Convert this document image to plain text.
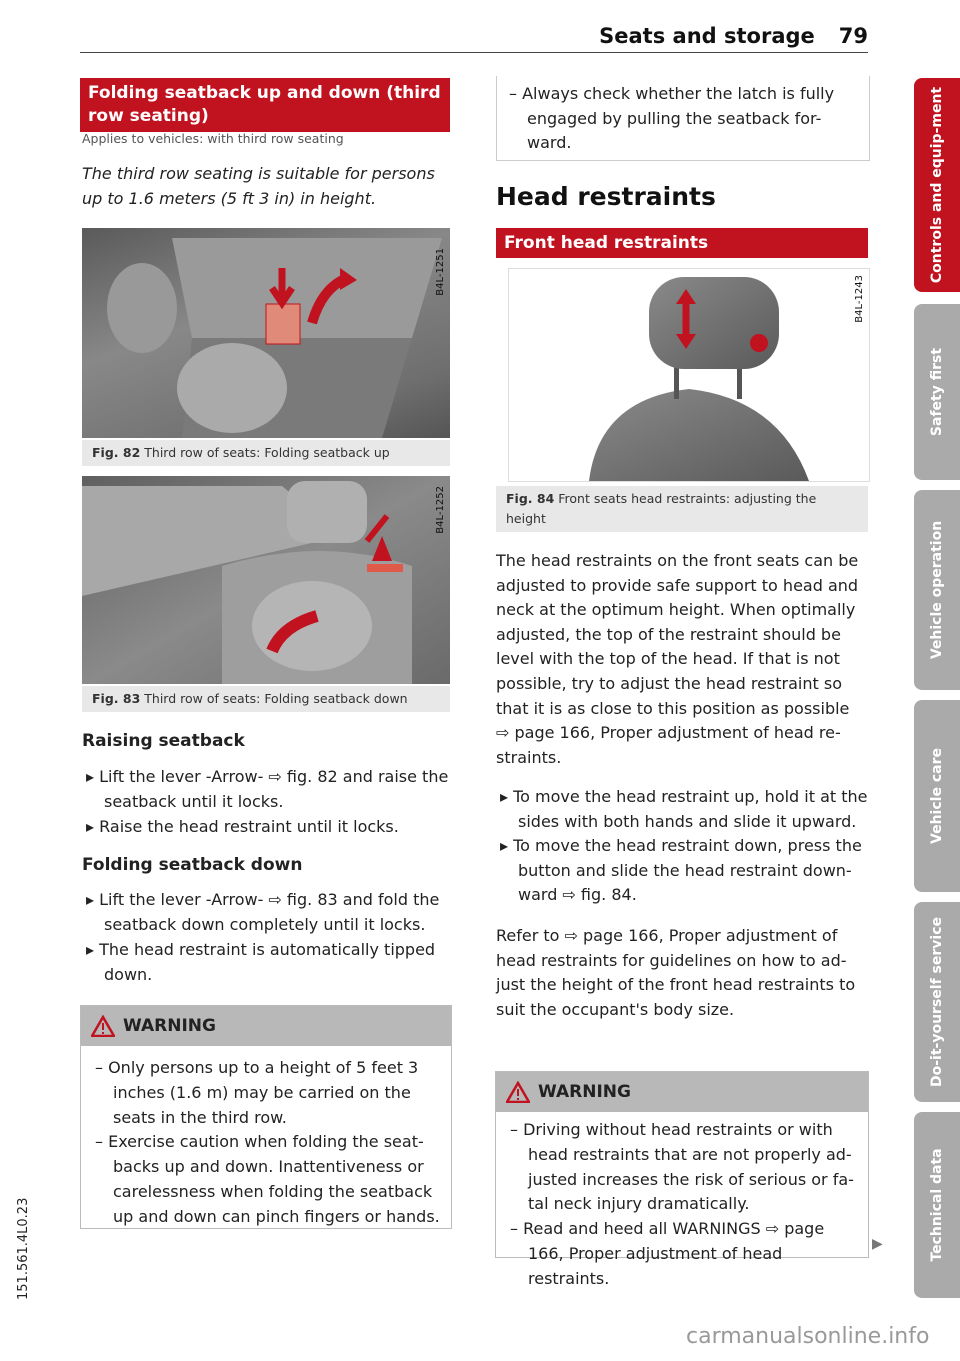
Seats and storage 79
Folding seatback up and down (third row seating)
Applies to vehicles: with third row seating
The third row seating is suitable for persons up to 1.6 meters (5 ft 3 in) in height.
B4L-1251
Fig. 82 Third row of seats: Folding seatback up
B4L-1252
Fig. 83 Third row of seats: Folding seatback down
Raising seatback
▸ Lift the lever -Arrow- ⇨ fig. 82 and raise the seatback until it locks.
▸ Raise the head restraint until it locks.
Folding seatback down
▸ Lift the lever -Arrow- ⇨ fig. 83 and fold the seatback down completely until it locks.
▸ The head restraint is automatically tipped down.
WARNING
– Only persons up to a height of 5 feet 3 inches (1.6 m) may be carried on the seats in the third row.
– Exercise caution when folding the seat-backs up and down. Inattentiveness or carelessness when folding the seatback up and down can pinch fingers or hands.
– Always check whether the latch is fully engaged by pulling the seatback for-ward.
Head restraints
Front head restraints
B4L-1243
Fig. 84 Front seats head restraints: adjusting the height
The head restraints on the front seats can be adjusted to provide safe support to head and neck at the optimum height. When optimally adjusted, the top of the restraint should be level with the top of the head. If that is not possible, try to adjust the head restraint so that it is as close to this position as possible ⇨ page 166, Proper adjustment of head re-straints.
▸ To move the head restraint up, hold it at the sides with both hands and slide it upward.
▸ To move the head restraint down, press the button and slide the head restraint down-ward ⇨ fig. 84.
Refer to ⇨ page 166, Proper adjustment of head restraints for guidelines on how to ad-just the height of the front head restraints to suit the occupant's body size.
WARNING
– Driving without head restraints or with head restraints that are not properly ad-justed increases the risk of serious or fa-tal neck injury dramatically.
– Read and heed all WARNINGS ⇨ page 166, Proper adjustment of head restraints.
▶
Controls and equip-ment
Safety first
Vehicle operation
Vehicle care
Do-it-yourself service
Technical data
151.561.4L0.23
carmanualsonline.info
